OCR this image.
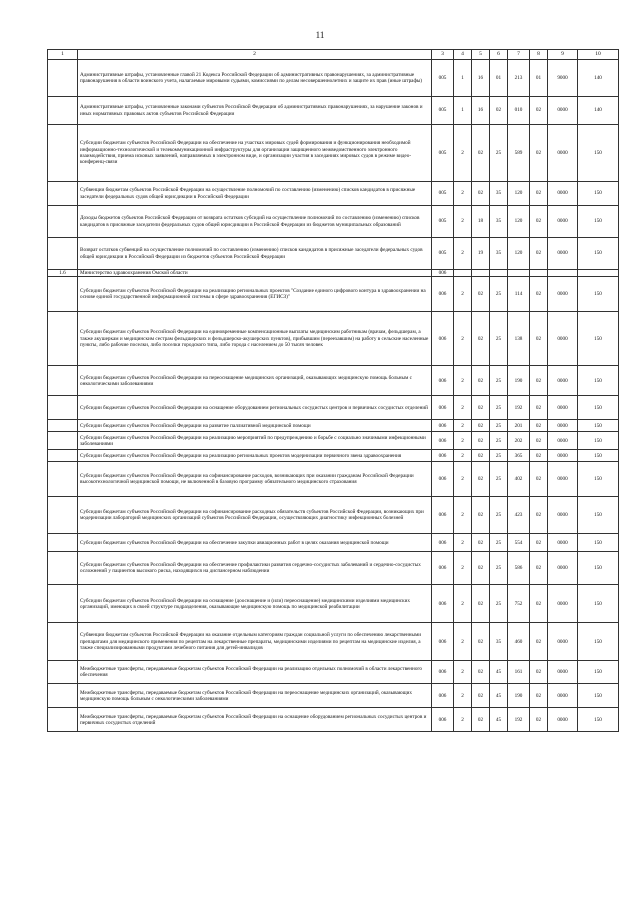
11
1	2	3	4	5	6	7	8	9	10
	Административные штрафы, установленные главой 21 Кодекса Российской Федерации об административных правонарушениях, за административные правонарушения в области воинского учета, налагаемые мировыми судьями, комиссиями по делам несовершеннолетних и защите их прав (иные штрафы)	005	1	16	01	213	01	9000	140
	Административные штрафы, установленные законами субъектов Российской Федерации об административных правонарушениях, за нарушение законов и иных нормативных правовых актов субъектов Российской Федерации	005	1	16	02	010	02	0000	140
	Субсидии бюджетам субъектов Российской Федерации на обеспечение на участках мировых судей формирования и функционирования необходимой информационно-технологической и телекоммуникационной инфраструктуры для организации защищенного межведомственного электронного взаимодействия, приема исковых заявлений, направляемых в электронном виде, и организации участия в заседаниях мировых судов в режиме видео-конференц-связи	005	2	02	25	589	02	0000	150
	Субвенции бюджетам субъектов Российской Федерации на осуществление полномочий по составлению (изменению) списков кандидатов в присяжные заседатели федеральных судов общей юрисдикции в Российской Федерации	005	2	02	35	120	02	0000	150
	Доходы бюджетов субъектов Российской Федерации от возврата остатков субсидий на осуществление полномочий по составлению (изменению) списков кандидатов в присяжные заседатели федеральных судов общей юрисдикции в Российской Федерации из бюджетов муниципальных образований	005	2	18	35	120	02	0000	150
	Возврат остатков субвенций на осуществление полномочий по составлению (изменению) списков кандидатов в присяжные заседатели федеральных судов общей юрисдикции в Российской Федерации из бюджетов субъектов Российской Федерации	005	2	19	35	120	02	0000	150
1.6	Министерство здравоохранения Омской области	006							
	Субсидии бюджетам субъектов Российской Федерации на реализацию региональных проектов "Создание единого цифрового контура в здравоохранении на основе единой государственной информационной системы в сфере здравоохранения (ЕГИСЗ)"	006	2	02	25	114	02	0000	150
	Субсидии бюджетам субъектов Российской Федерации на единовременные компенсационные выплаты медицинским работникам (врачам, фельдшерам, а также акушеркам и медицинским сестрам фельдшерских и фельдшерско-акушерских пунктов), прибывшим (переехавшим) на работу в сельские населенные пункты, либо рабочие поселки, либо поселки городского типа, либо города с населением до 50 тысяч человек	006	2	02	25	138	02	0000	150
	Субсидии бюджетам субъектов Российской Федерации на переоснащение медицинских организаций, оказывающих медицинскую помощь больным с онкологическими заболеваниями	006	2	02	25	190	02	0000	150
	Субсидии бюджетам субъектов Российской Федерации на оснащение оборудованием региональных сосудистых центров и первичных сосудистых отделений	006	2	02	25	192	02	0000	150
	Субсидии бюджетам субъектов Российской Федерации на развитие паллиативной медицинской помощи	006	2	02	25	201	02	0000	150
	Субсидии бюджетам субъектов Российской Федерации на реализацию мероприятий по предупреждению и борьбе с социально значимыми инфекционными заболеваниями	006	2	02	25	202	02	0000	150
	Субсидии бюджетам субъектов Российской Федерации на реализацию региональных проектов модернизации первичного звена здравоохранения	006	2	02	25	365	02	0000	150
	Субсидии бюджетам субъектов Российской Федерации на софинансирование расходов, возникающих при оказании гражданам Российской Федерации высокотехнологичной медицинской помощи, не включенной в базовую программу обязательного медицинского страхования	006	2	02	25	402	02	0000	150
	Субсидии бюджетам субъектов Российской Федерации на софинансирование расходных обязательств субъектов Российской Федерации, возникающих при модернизации лабораторий медицинских организаций субъектов Российской Федерации, осуществляющих диагностику инфекционных болезней	006	2	02	25	423	02	0000	150
	Субсидии бюджетам субъектов Российской Федерации на обеспечение закупки авиационных работ в целях оказания медицинской помощи	006	2	02	25	554	02	0000	150
	Субсидии бюджетам субъектов Российской Федерации на обеспечение профилактики развития сердечно-сосудистых заболеваний и сердечно-сосудистых осложнений у пациентов высокого риска, находящихся на диспансерном наблюдении	006	2	02	25	586	02	0000	150
	Субсидии бюджетам субъектов Российской Федерации на оснащение (дооснащение и (или) переоснащение) медицинскими изделиями медицинских организаций, имеющих в своей структуре подразделения, оказывающие медицинскую помощь по медицинской реабилитации	006	2	02	25	752	02	0000	150
	Субвенции бюджетам субъектов Российской Федерации на оказание отдельным категориям граждан социальной услуги по обеспечению лекарственными препаратами для медицинского применения по рецептам на лекарственные препараты, медицинскими изделиями по рецептам на медицинские изделия, а также специализированными продуктами лечебного питания для детей-инвалидов	006	2	02	35	460	02	0000	150
	Межбюджетные трансферты, передаваемые бюджетам субъектов Российской Федерации на реализацию отдельных полномочий в области лекарственного обеспечения	006	2	02	45	161	02	0000	150
	Межбюджетные трансферты, передаваемые бюджетам субъектов Российской Федерации на переоснащение медицинских организаций, оказывающих медицинскую помощь больным с онкологическими заболеваниями	006	2	02	45	190	02	0000	150
	Межбюджетные трансферты, передаваемые бюджетам субъектов Российской Федерации на оснащение оборудованием региональных сосудистых центров и первичных сосудистых отделений	006	2	02	45	192	02	0000	150
